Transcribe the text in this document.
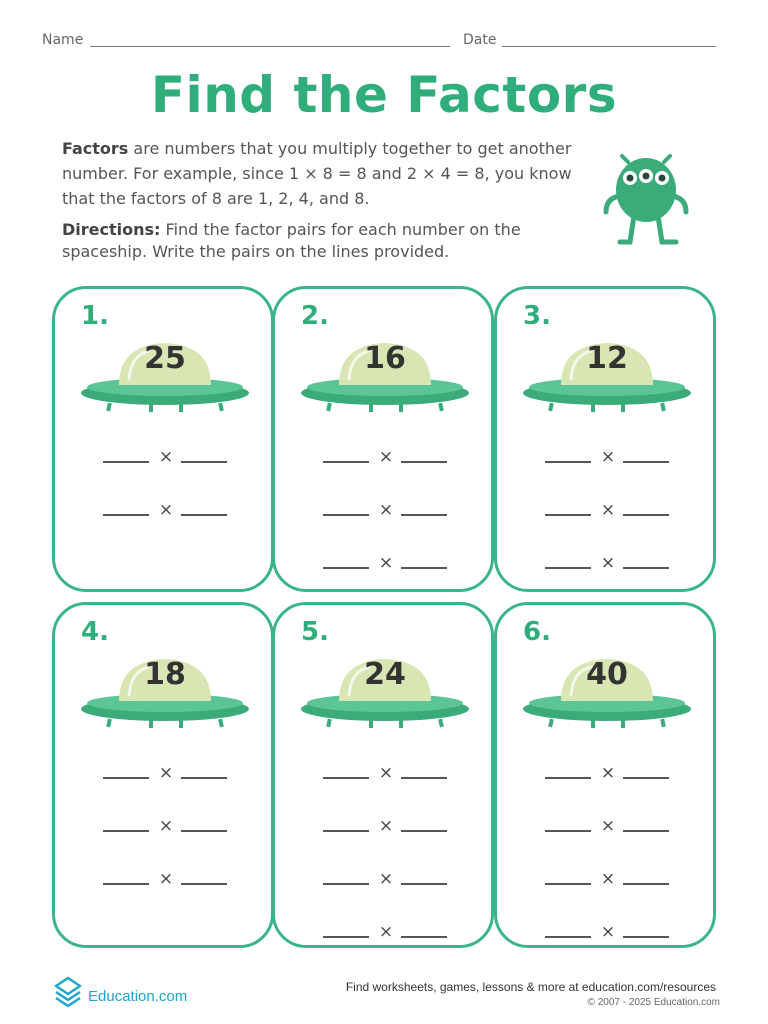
Name	Date
Find the Factors
Factors are numbers that you multiply together to get another number. For example, since 1 × 8 = 8 and 2 × 4 = 8, you know that the factors of 8 are 1, 2, 4, and 8.
Directions: Find the factor pairs for each number on the spaceship. Write the pairs on the lines provided.
1.
25
×
×
2.
16
×
×
×
3.
12
×
×
×
4.
18
×
×
×
5.
24
×
×
×
×
6.
40
×
×
×
×
Education.com
Find worksheets, games, lessons & more at education.com/resources
© 2007 - 2025 Education.com
